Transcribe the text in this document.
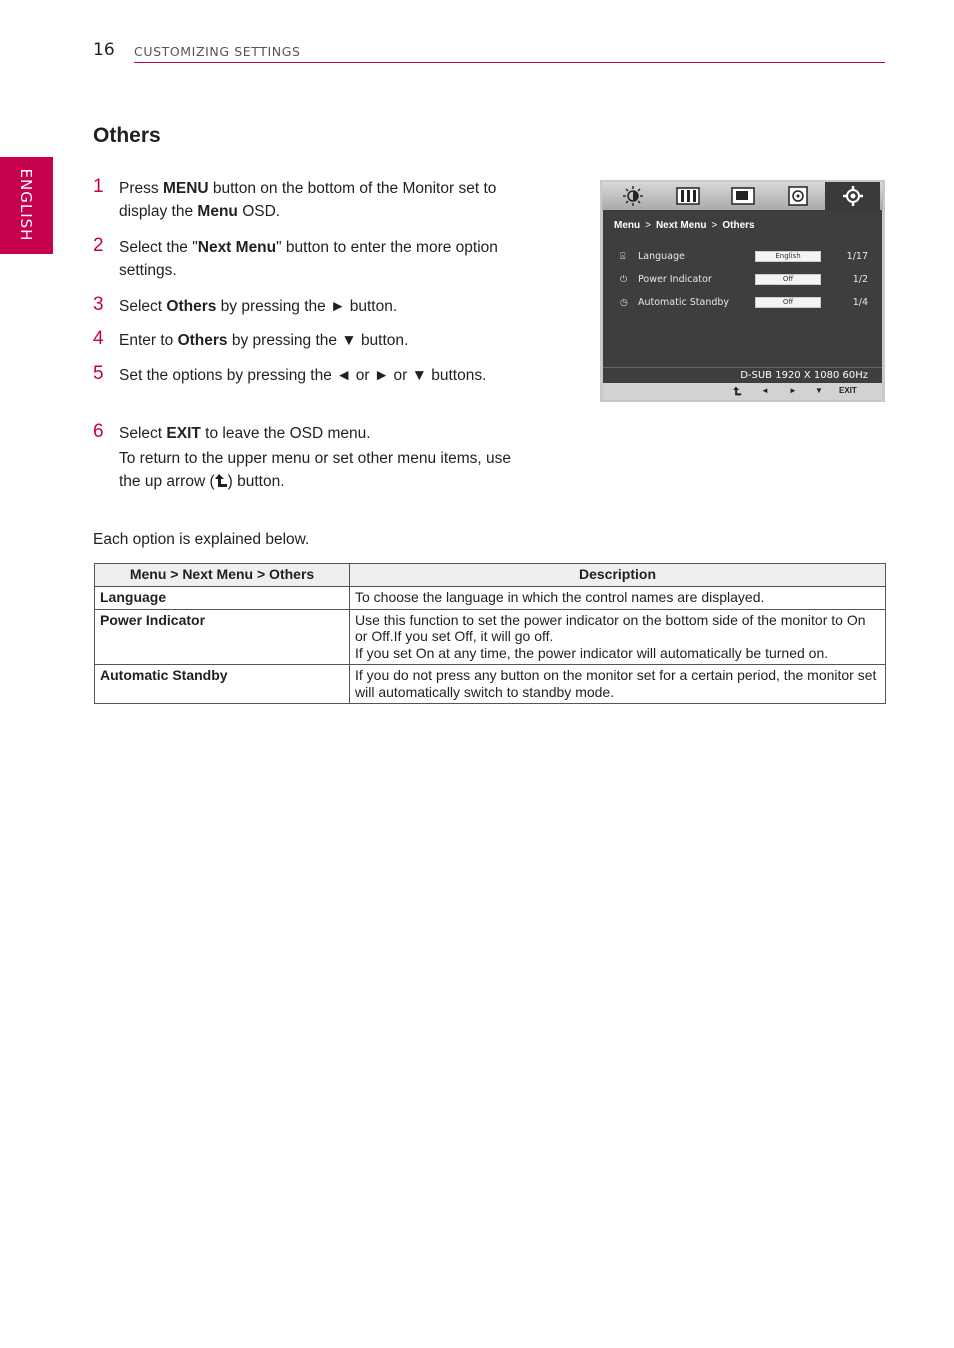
16 CUSTOMIZING SETTINGS
ENGLISH
Others
1 Press MENU button on the bottom of the Monitor set to display the Menu OSD.
2 Select the "Next Menu" button to enter the more option settings.
3 Select Others by pressing the ► button.
4 Enter to Others by pressing the ▼ button.
5 Set the options by pressing the ◄ or ► or ▼ buttons.
6 Select EXIT to leave the OSD menu.
To return to the upper menu or set other menu items, use the up arrow ( ) button.
Menu > Next Menu > Others
⍓ Language	English	1/17
⏻ Power Indicator	Off	1/2
◷ Automatic Standby	Off	1/4
D-SUB 1920 X 1080 60Hz
◄	► ▼ EXIT
Each option is explained below.
Menu > Next Menu > Others	Description
Language	To choose the language in which the control names are displayed.

Power Indicator	Use this function to set the power indicator on the bottom side of the monitor to On or Off.If you set Off, it will go off.
If you set On at any time, the power indicator will automatically be turned on.

Automatic Standby	If you do not press any button on the monitor set for a certain period, the monitor set will automatically switch to standby mode.
